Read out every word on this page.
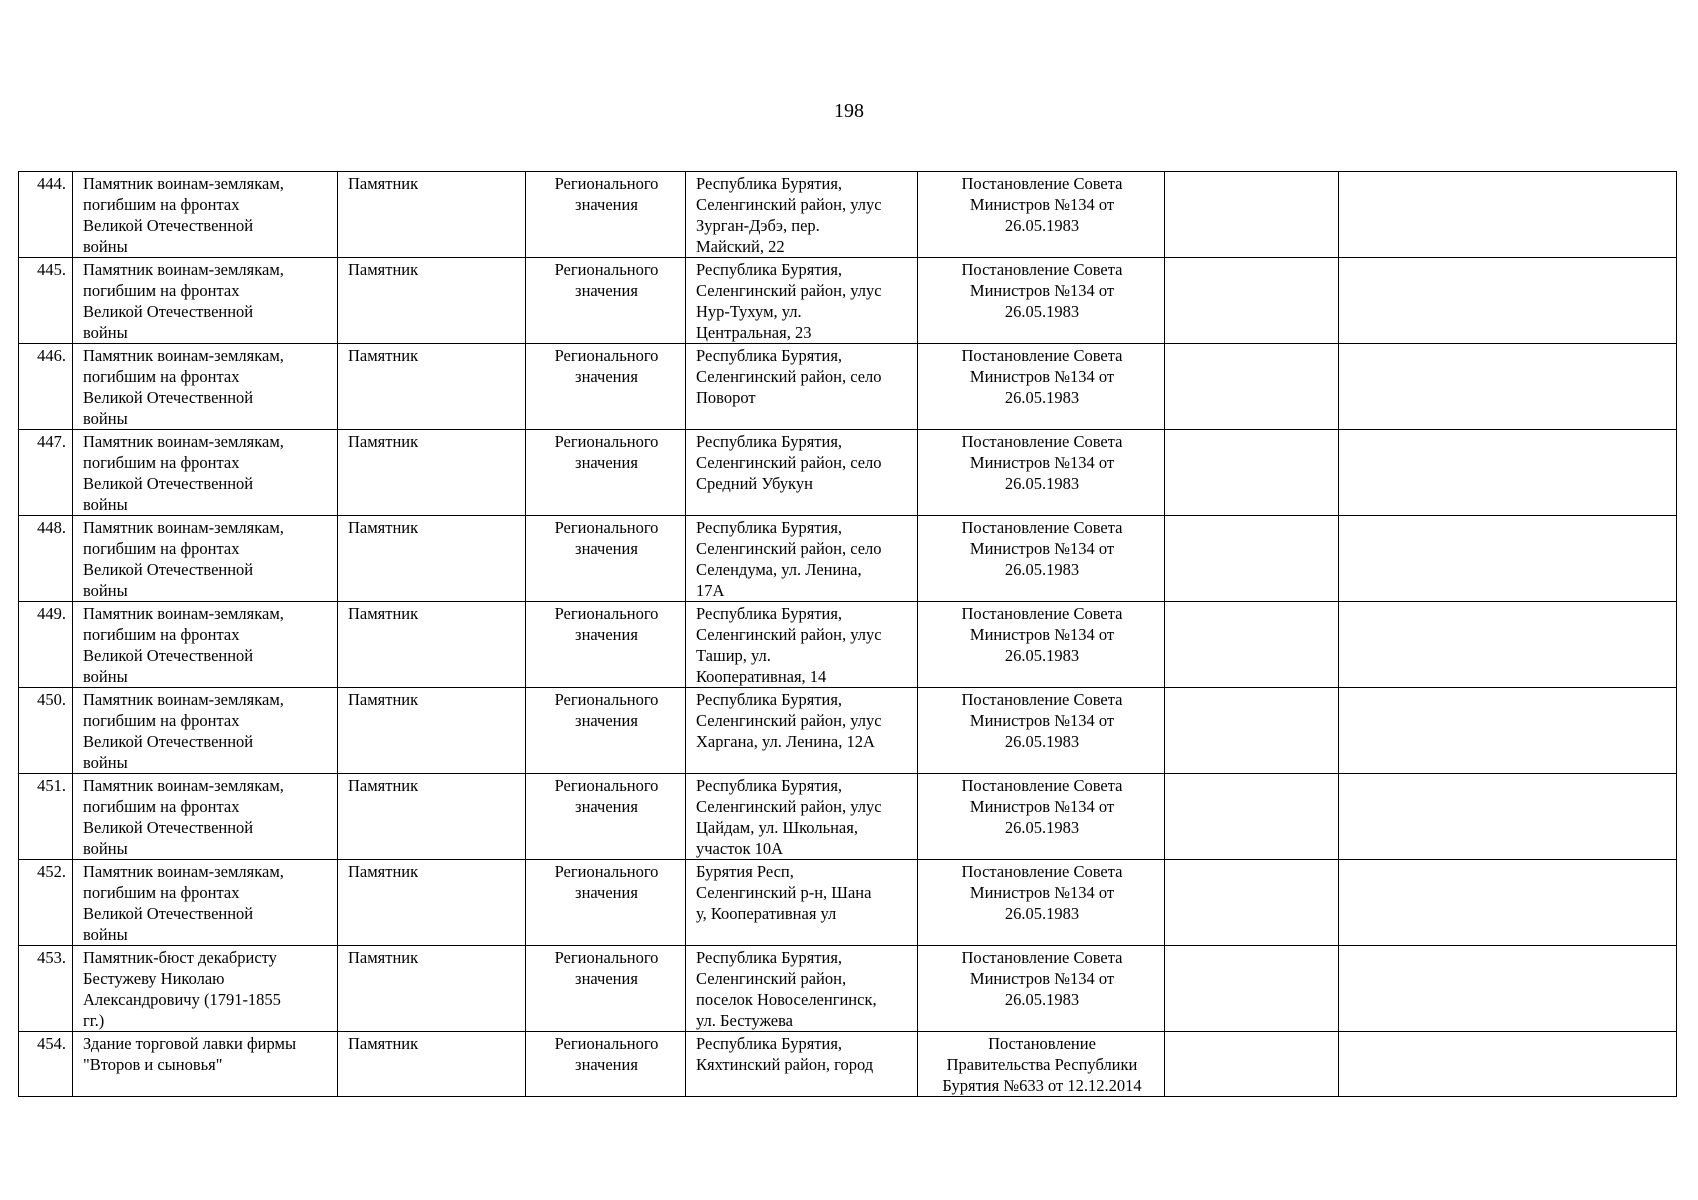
198
444.	Памятник воинам-землякам,
погибшим на фронтах
Великой Отечественной
войны	Памятник	Регионального
значения	Республика Бурятия,
Селенгинский район, улус
Зурган-Дэбэ, пер.
Майский, 22	Постановление Совета
Министров №134 от
26.05.1983		
445.	Памятник воинам-землякам,
погибшим на фронтах
Великой Отечественной
войны	Памятник	Регионального
значения	Республика Бурятия,
Селенгинский район, улус
Нур-Тухум, ул.
Центральная, 23	Постановление Совета
Министров №134 от
26.05.1983		
446.	Памятник воинам-землякам,
погибшим на фронтах
Великой Отечественной
войны	Памятник	Регионального
значения	Республика Бурятия,
Селенгинский район, село
Поворот	Постановление Совета
Министров №134 от
26.05.1983		
447.	Памятник воинам-землякам,
погибшим на фронтах
Великой Отечественной
войны	Памятник	Регионального
значения	Республика Бурятия,
Селенгинский район, село
Средний Убукун	Постановление Совета
Министров №134 от
26.05.1983		
448.	Памятник воинам-землякам,
погибшим на фронтах
Великой Отечественной
войны	Памятник	Регионального
значения	Республика Бурятия,
Селенгинский район, село
Селендума, ул. Ленина,
17А	Постановление Совета
Министров №134 от
26.05.1983		
449.	Памятник воинам-землякам,
погибшим на фронтах
Великой Отечественной
войны	Памятник	Регионального
значения	Республика Бурятия,
Селенгинский район, улус
Ташир, ул.
Кооперативная, 14	Постановление Совета
Министров №134 от
26.05.1983		
450.	Памятник воинам-землякам,
погибшим на фронтах
Великой Отечественной
войны	Памятник	Регионального
значения	Республика Бурятия,
Селенгинский район, улус
Харгана, ул. Ленина, 12А	Постановление Совета
Министров №134 от
26.05.1983		
451.	Памятник воинам-землякам,
погибшим на фронтах
Великой Отечественной
войны	Памятник	Регионального
значения	Республика Бурятия,
Селенгинский район, улус
Цайдам, ул. Школьная,
участок 10А	Постановление Совета
Министров №134 от
26.05.1983		
452.	Памятник воинам-землякам,
погибшим на фронтах
Великой Отечественной
войны	Памятник	Регионального
значения	Бурятия Респ,
Селенгинский р-н, Шана
у, Кооперативная ул	Постановление Совета
Министров №134 от
26.05.1983		
453.	Памятник-бюст декабристу
Бестужеву Николаю
Александровичу (1791-1855
гг.)	Памятник	Регионального
значения	Республика Бурятия,
Селенгинский район,
поселок Новоселенгинск,
ул. Бестужева	Постановление Совета
Министров №134 от
26.05.1983		
454.	Здание торговой лавки фирмы
"Второв и сыновья"	Памятник	Регионального
значения	Республика Бурятия,
Кяхтинский район, город	Постановление
Правительства Республики
Бурятия №633 от 12.12.2014		
